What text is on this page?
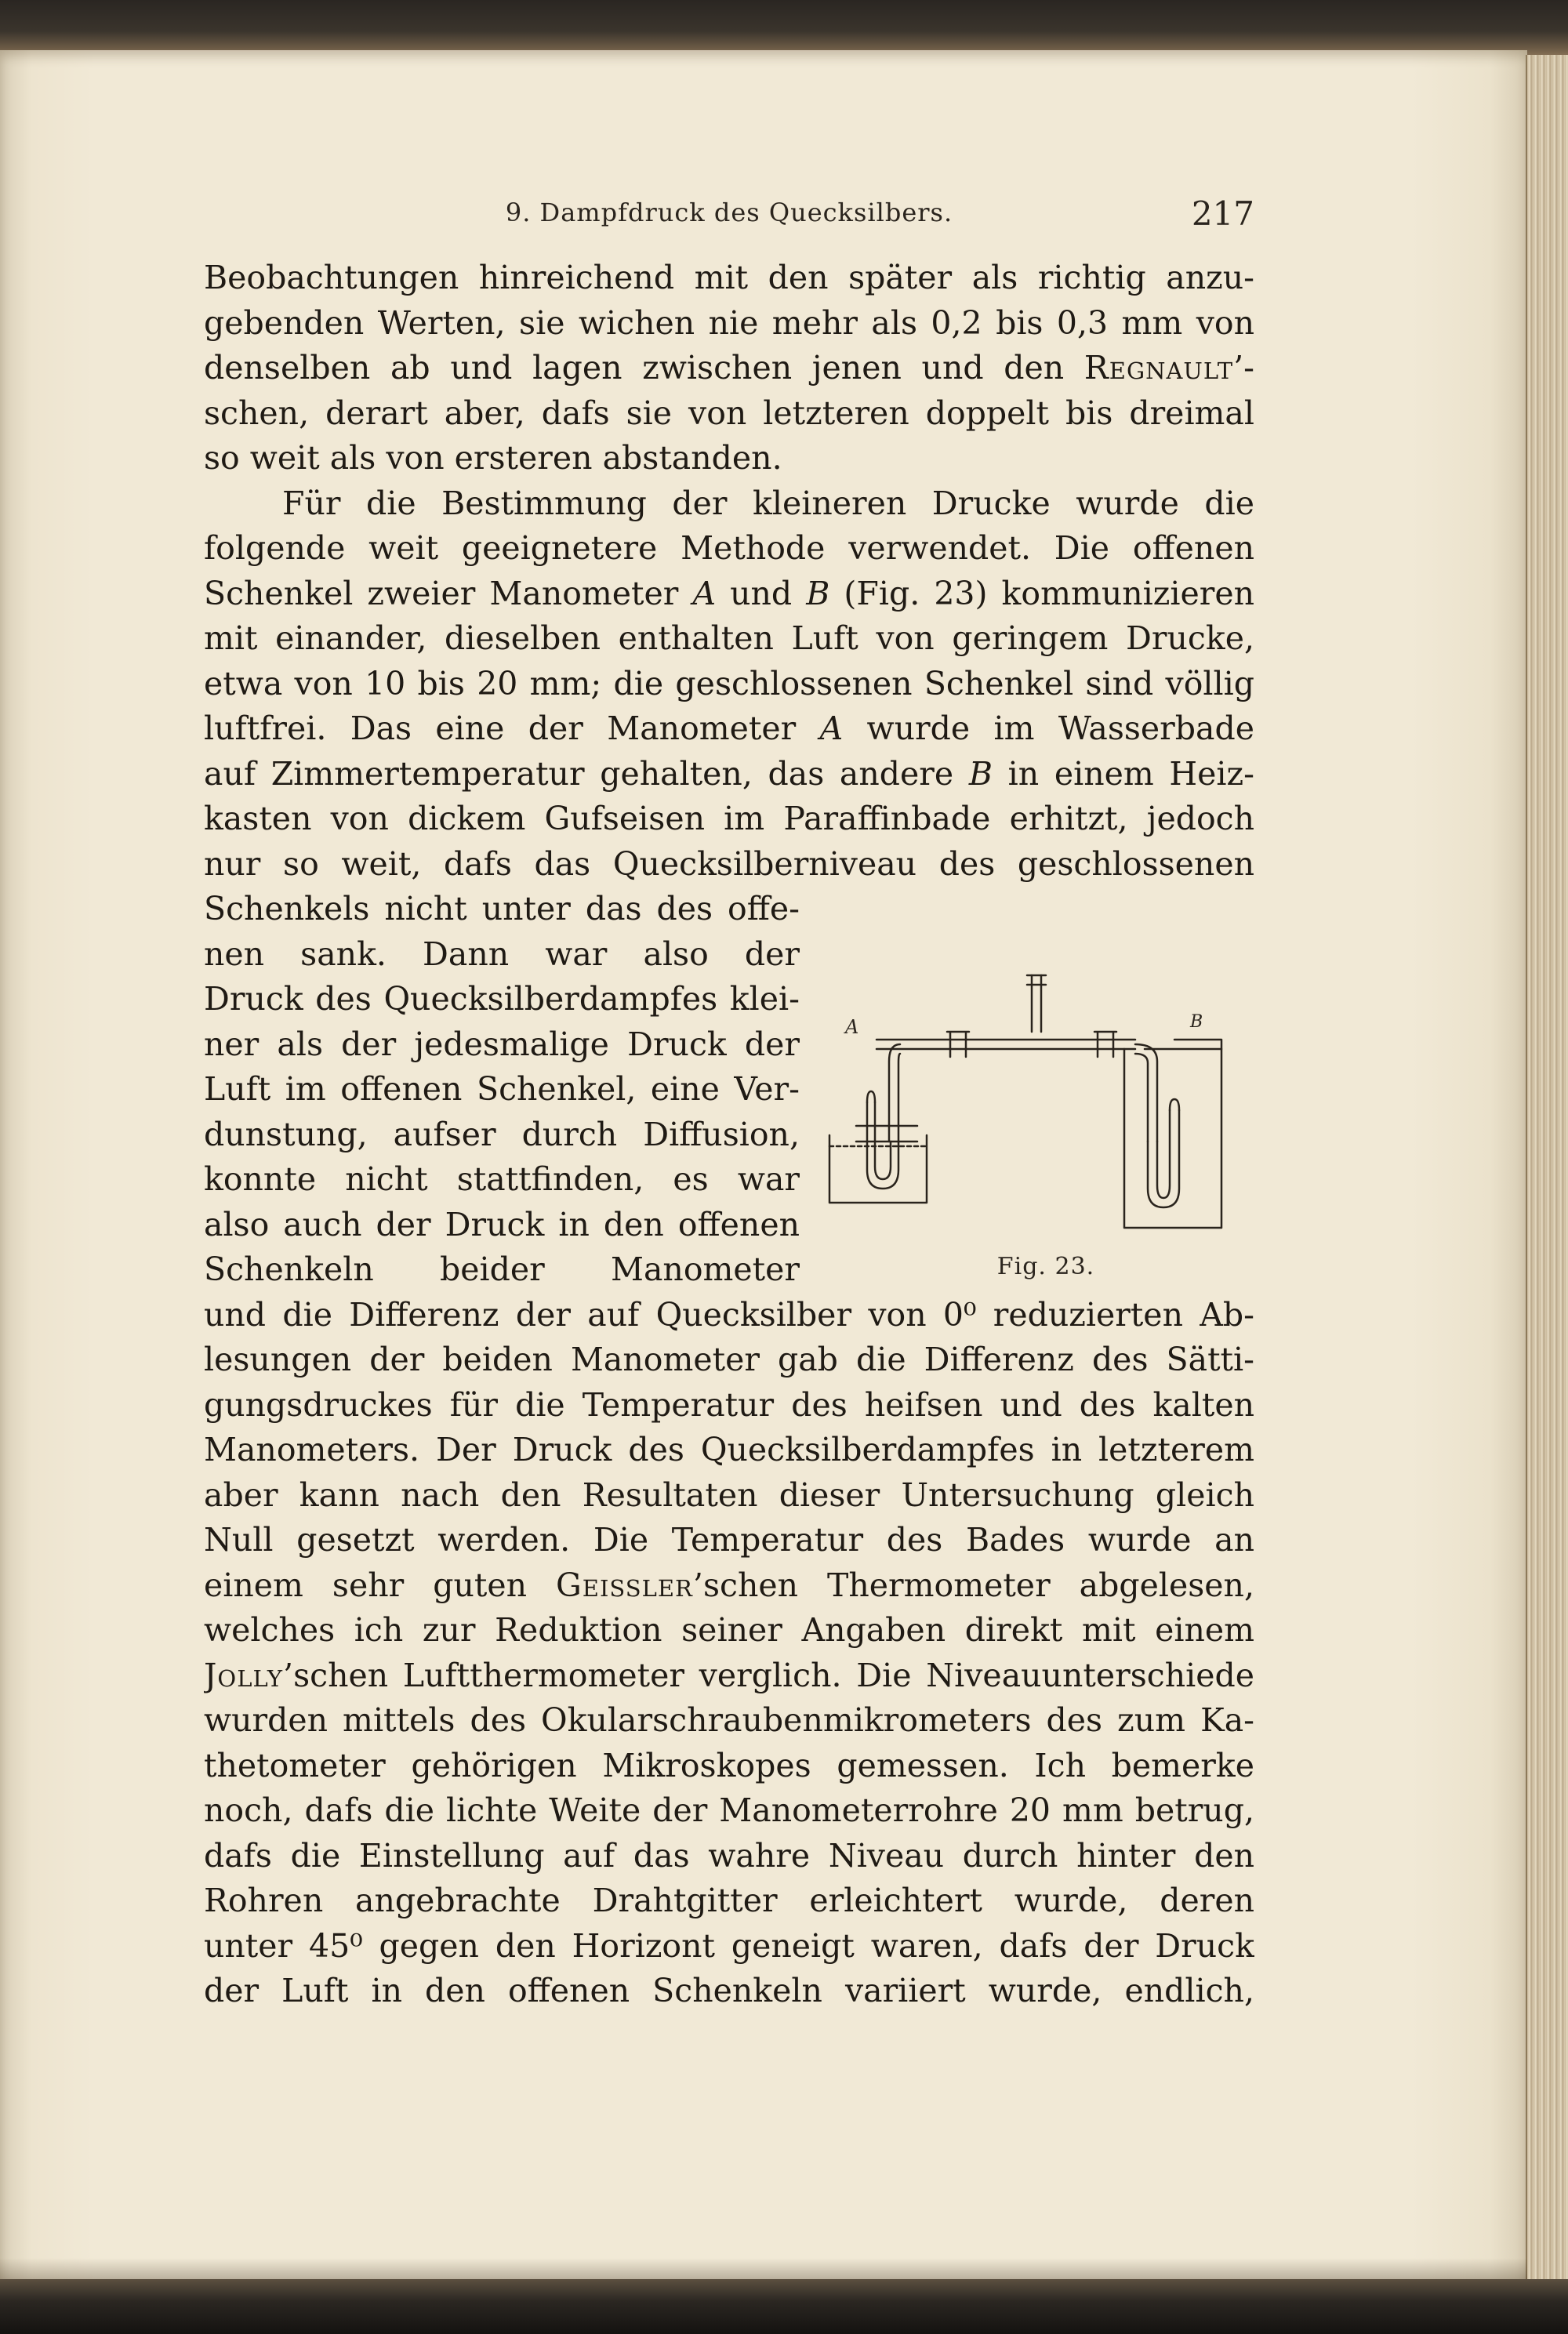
9. Dampfdruck des Quecksilbers.	217
Beobachtungen hinreichend mit den später als richtig anzu-
gebenden Werten, sie wichen nie mehr als 0,2 bis 0,3 mm von
denselben ab und lagen zwischen jenen und den Regnault’-
schen, derart aber, dafs sie von letzteren doppelt bis dreimal
so weit als von ersteren abstanden.
Für die Bestimmung der kleineren Drucke wurde die
folgende weit geeignetere Methode verwendet. Die offenen
Schenkel zweier Manometer A und B (Fig. 23) kommunizieren
mit einander, dieselben enthalten Luft von geringem Drucke,
etwa von 10 bis 20 mm; die geschlossenen Schenkel sind völlig
luftfrei. Das eine der Manometer A wurde im Wasserbade
auf Zimmertemperatur gehalten, das andere B in einem Heiz-
kasten von dickem Gufseisen im Paraffinbade erhitzt, jedoch
nur so weit, dafs das Quecksilberniveau des geschlossenen
Schenkels nicht unter das des offe-
nen sank. Dann war also der
Druck des Quecksilberdampfes klei-
ner als der jedesmalige Druck der
Luft im offenen Schenkel, eine Ver-
dunstung, aufser durch Diffusion,
konnte nicht stattfinden, es war
also auch der Druck in den offenen
Schenkeln beider Manometer
und die Differenz der auf Quecksilber von 0⁰ reduzierten Ab-
lesungen der beiden Manometer gab die Differenz des Sätti-
gungsdruckes für die Temperatur des heifsen und des kalten
Manometers. Der Druck des Quecksilberdampfes in letzterem
aber kann nach den Resultaten dieser Untersuchung gleich
Null gesetzt werden. Die Temperatur des Bades wurde an
einem sehr guten Geissler’schen Thermometer abgelesen,
welches ich zur Reduktion seiner Angaben direkt mit einem
Jolly’schen Luftthermometer verglich. Die Niveauunterschiede
wurden mittels des Okularschraubenmikrometers des zum Ka-
thetometer gehörigen Mikroskopes gemessen. Ich bemerke
noch, dafs die lichte Weite der Manometerrohre 20 mm betrug,
dafs die Einstellung auf das wahre Niveau durch hinter den
Rohren angebrachte Drahtgitter erleichtert wurde, deren
unter 45⁰ gegen den Horizont geneigt waren, dafs der Druck
der Luft in den offenen Schenkeln variiert wurde, endlich,
A	B
Fig. 23.
